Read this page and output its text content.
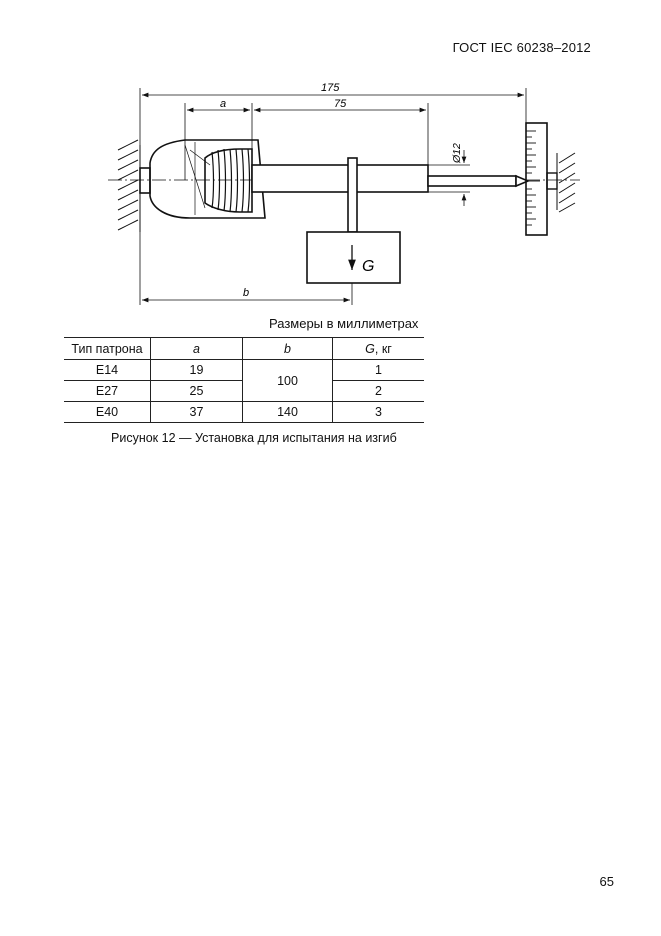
ГОСТ IEC 60238–2012
G
175
a	75
Ø12
b
Размеры в миллиметрах
Тип патрона	a	b	G, кг
E14	19	100	1
E27	25		2
E40	37	140	3
Рисунок 12 — Установка для испытания на изгиб
65
